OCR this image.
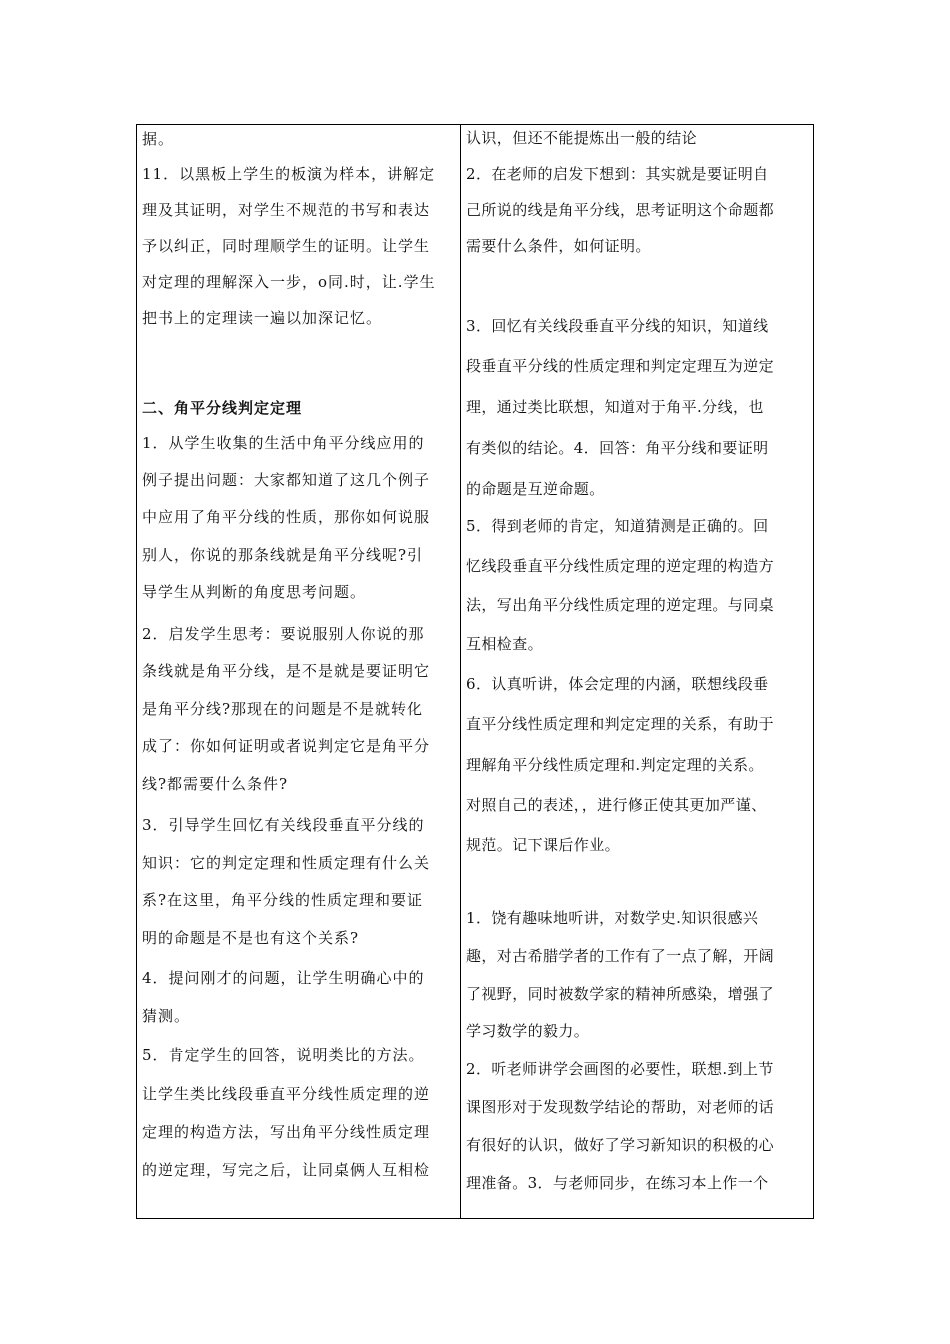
据。

11．以黑板上学生的板演为样本，讲解定

理及其证明，对学生不规范的书写和表达

予以纠正，同时理顺学生的证明。让学生

对定理的理解深入一步，o同.时，让.学生

把书上的定理读一遍以加深记忆。

二、角平分线判定定理

1．从学生收集的生活中角平分线应用的

例子提出问题：大家都知道了这几个例子

中应用了角平分线的性质，那你如何说服

别人，你说的那条线就是角平分线呢?引

导学生从判断的角度思考问题。

2．启发学生思考：要说服别人你说的那

条线就是角平分线，是不是就是要证明它

是角平分线?那现在的问题是不是就转化

成了：你如何证明或者说判定它是角平分

线?都需要什么条件?

3．引导学生回忆有关线段垂直平分线的

知识：它的判定定理和性质定理有什么关

系?在这里，角平分线的性质定理和要证

明的命题是不是也有这个关系?

4．提问刚才的问题，让学生明确心中的

猜测。

5．肯定学生的回答，说明类比的方法。

让学生类比线段垂直平分线性质定理的逆

定理的构造方法，写出角平分线性质定理

的逆定理，写完之后，让同桌俩人互相检

认识，但还不能提炼出一般的结论

2．在老师的启发下想到：其实就是要证明自

己所说的线是角平分线，思考证明这个命题都

需要什么条件，如何证明。

3．回忆有关线段垂直平分线的知识，知道线

段垂直平分线的性质定理和判定定理互为逆定

理，通过类比联想，知道对于角平.分线，也

有类似的结论。4．回答：角平分线和要证明

的命题是互逆命题。

5．得到老师的肯定，知道猜测是正确的。回

忆线段垂直平分线性质定理的逆定理的构造方

法，写出角平分线性质定理的逆定理。与同桌

互相检查。

6．认真听讲，体会定理的内涵，联想线段垂

直平分线性质定理和判定定理的关系，有助于

理解角平分线性质定理和.判定定理的关系。

对照自己的表述，，进行修正使其更加严谨、

规范。记下课后作业。

1．饶有趣味地听讲，对数学史.知识很感兴

趣，对古希腊学者的工作有了一点了解，开阔

了视野，同时被数学家的精神所感染，增强了

学习数学的毅力。

2．听老师讲学会画图的必要性，联想.到上节

课图形对于发现数学结论的帮助，对老师的话

有很好的认识，做好了学习新知识的积极的心

理准备。3．与老师同步，在练习本上作一个
